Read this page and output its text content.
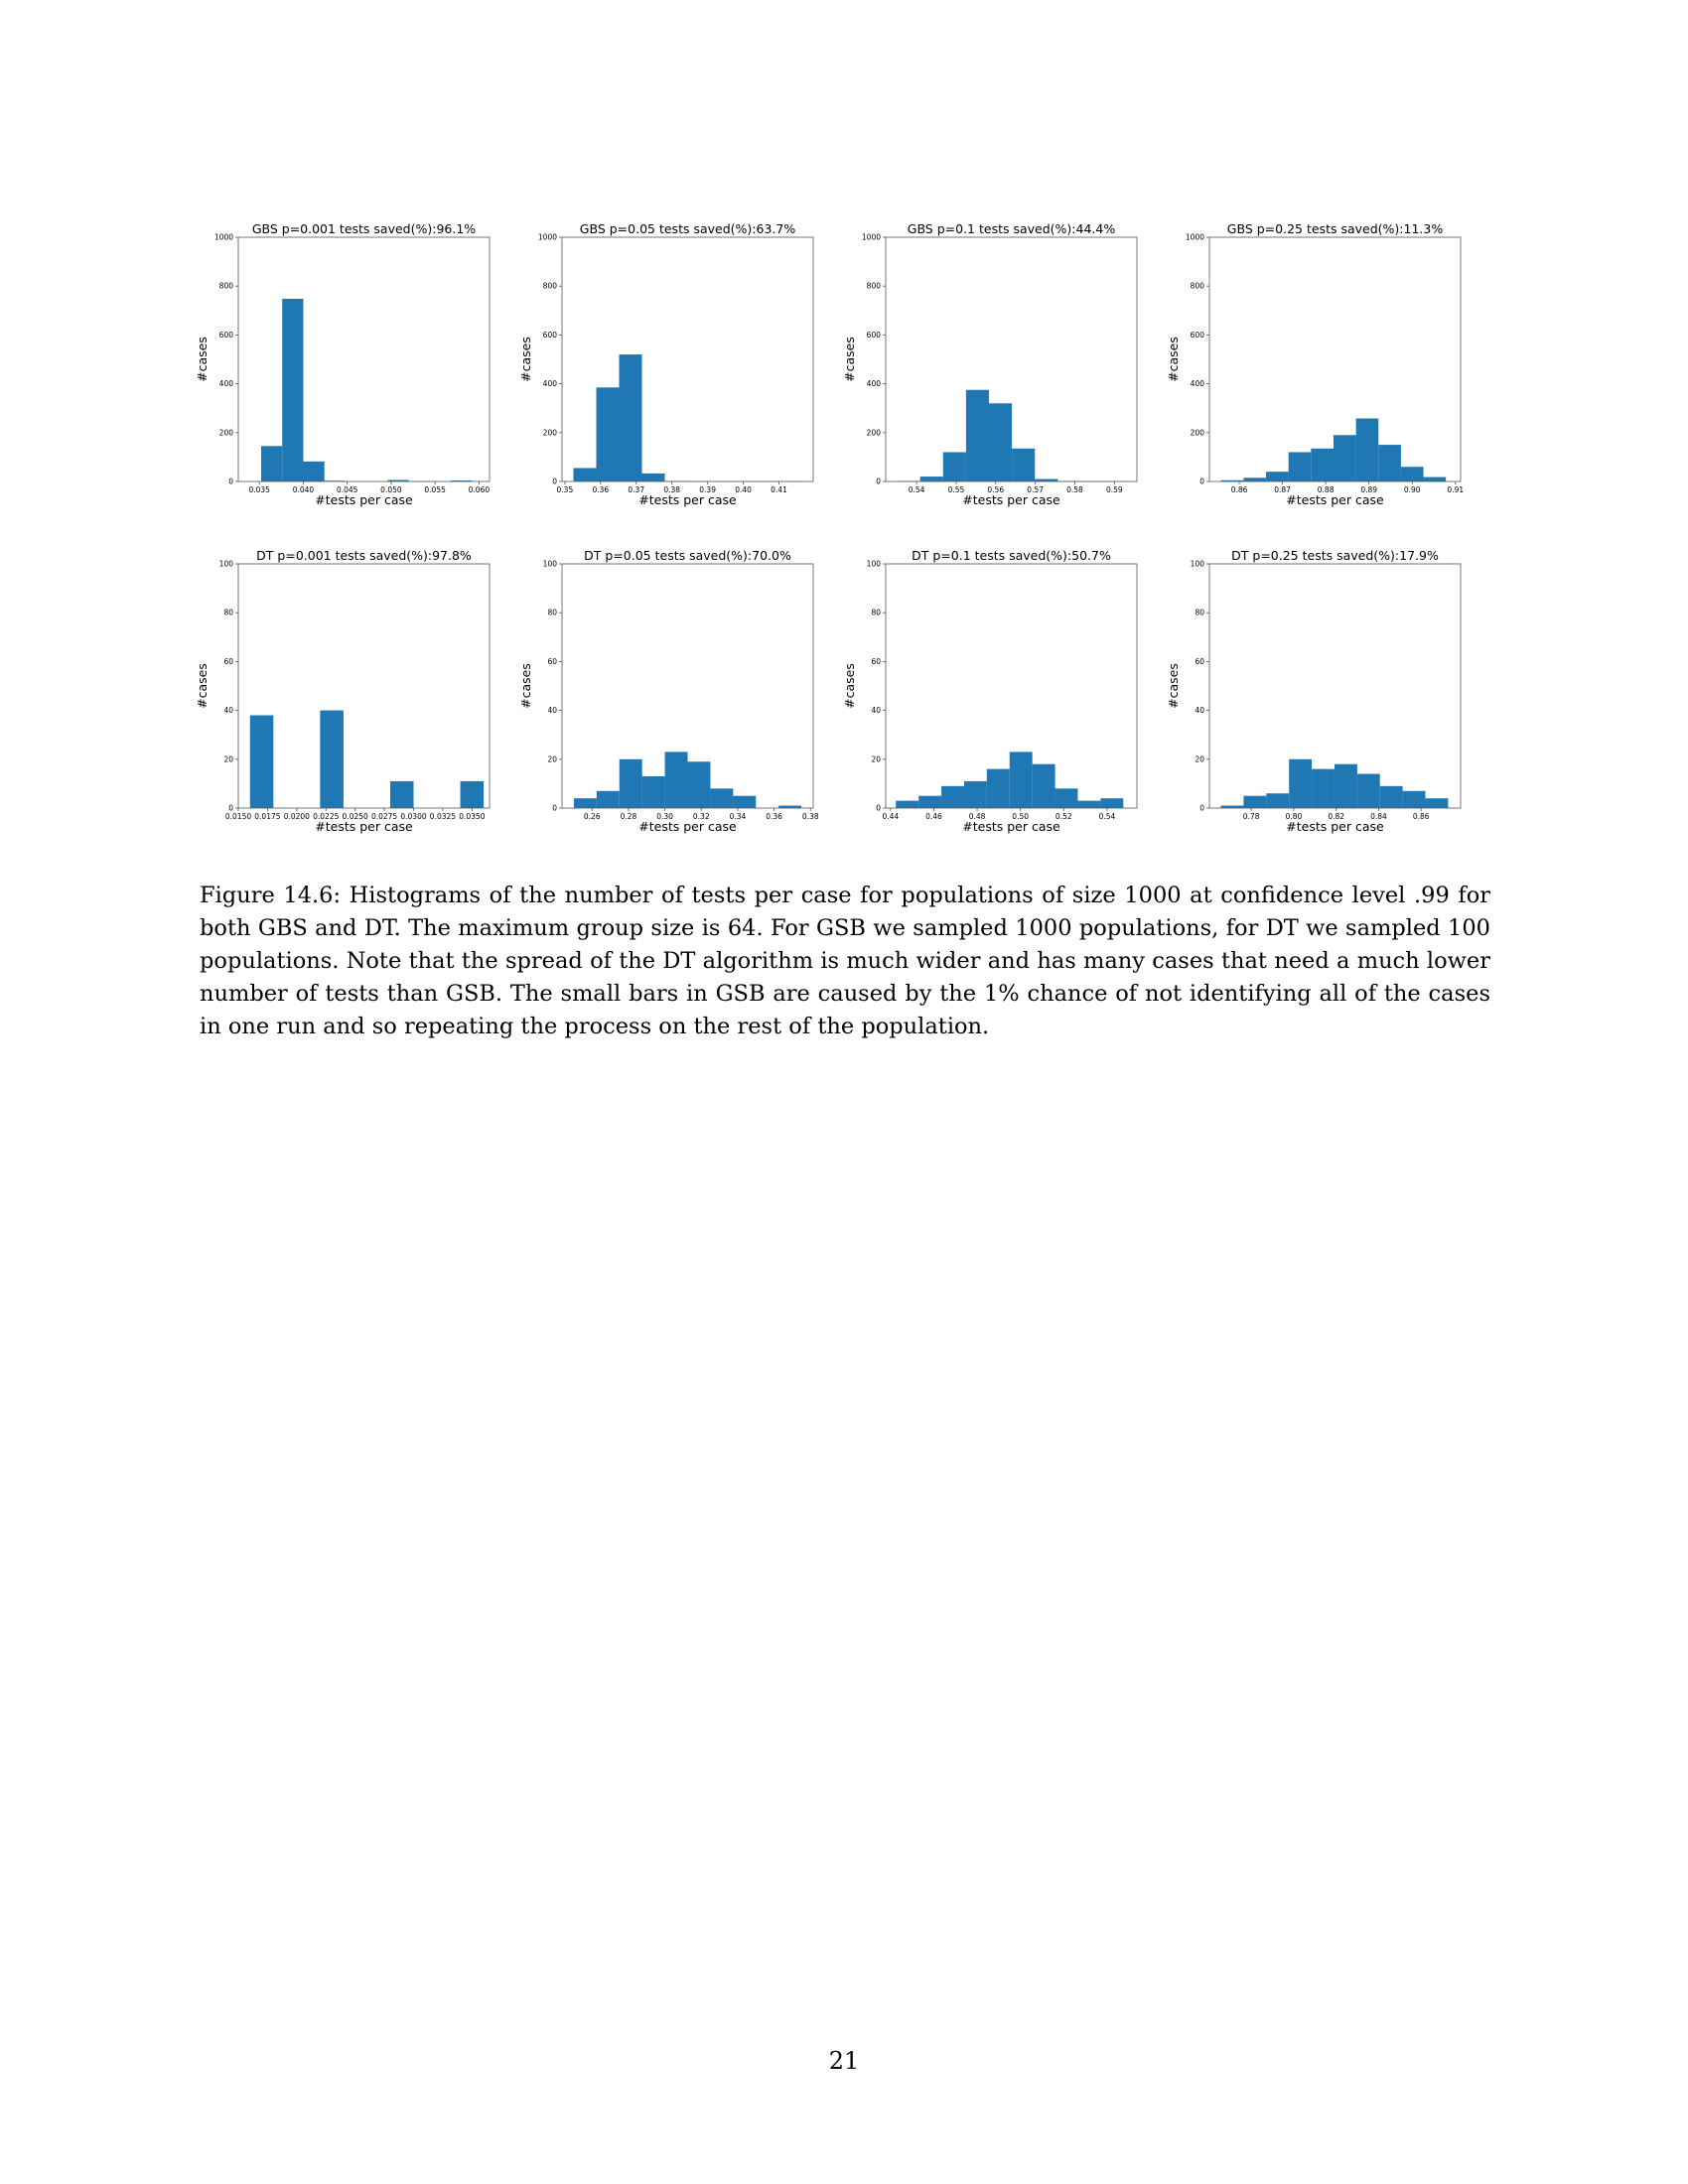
0
200
400
600
800
1000
0.035	0.040	0.045	0.050	0.055	0.060
GBS p=0.001 tests saved(%):96.1%
#tests per case
#cases
0
200
400
600
800
1000
0.35	0.36	0.37	0.38	0.39	0.40	0.41
GBS p=0.05 tests saved(%):63.7%
#tests per case
#cases
0
200
400
600
800
1000
0.54	0.55	0.56	0.57	0.58	0.59
GBS p=0.1 tests saved(%):44.4%
#tests per case
#cases
0
200
400
600
800
1000
0.86	0.87	0.88	0.89	0.90	0.91
GBS p=0.25 tests saved(%):11.3%
#tests per case
#cases
0
20
40
60
80
100
0.0150 0.0175 0.0200 0.0225 0.0250 0.0275 0.0300 0.0325 0.0350
DT p=0.001 tests saved(%):97.8%
#tests per case
#cases
0
20
40
60
80
100
0.26	0.28	0.30	0.32	0.34	0.36	0.38
DT p=0.05 tests saved(%):70.0%
#tests per case
#cases
0
20
40
60
80
100
0.44	0.46	0.48	0.50	0.52	0.54
DT p=0.1 tests saved(%):50.7%
#tests per case
#cases
0
20
40
60
80
100
0.78	0.80	0.82	0.84	0.86
DT p=0.25 tests saved(%):17.9%
#tests per case
#cases
Figure 14.6: Histograms of the number of tests per case for populations of size 1000 at confidence level .99 for both GBS and DT. The maximum group size is 64. For GSB we sampled 1000 populations, for DT we sampled 100 populations. Note that the spread of the DT algorithm is much wider and has many cases that need a much lower number of tests than GSB. The small bars in GSB are caused by the 1% chance of not identifying all of the cases in one run and so repeating the process on the rest of the population.
21
